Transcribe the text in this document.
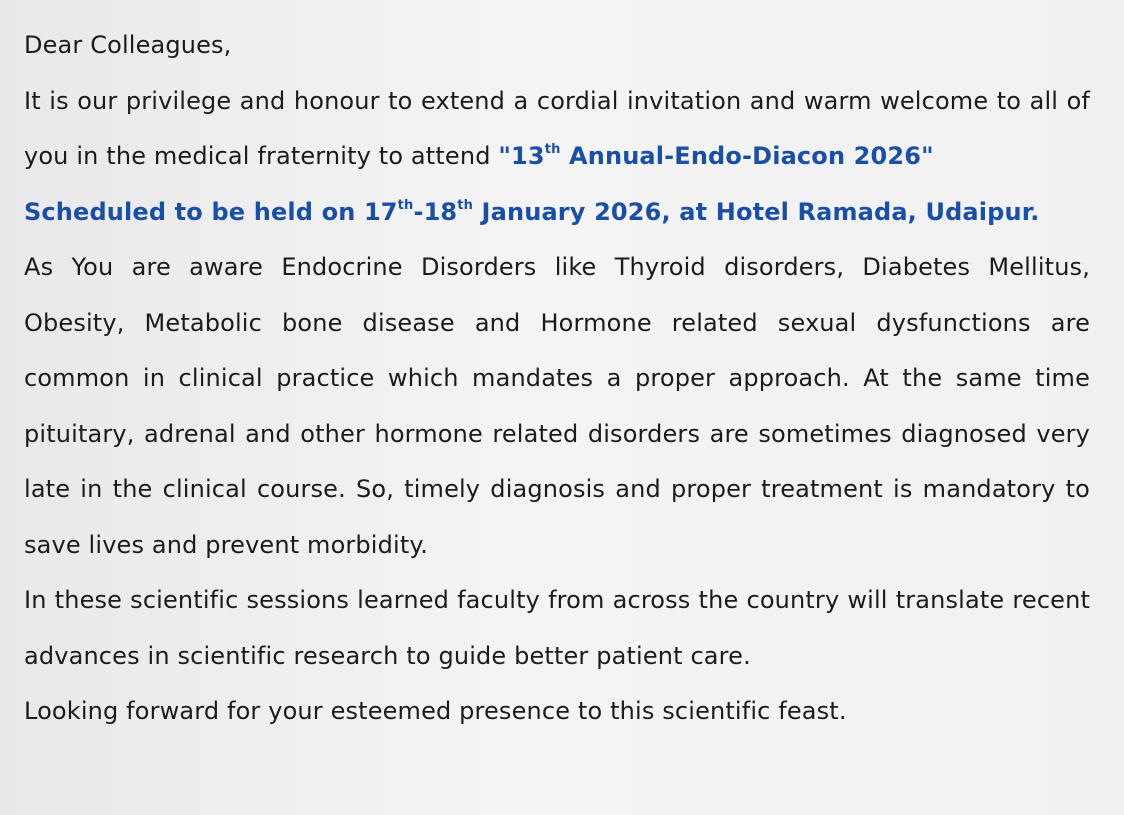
Dear Colleagues,

It is our privilege and honour to extend a cordial invitation and warm welcome to all of you in the medical fraternity to attend "13th Annual-Endo-Diacon 2026"
Scheduled to be held on 17th-18th January 2026, at Hotel Ramada, Udaipur.

As You are aware Endocrine Disorders like Thyroid disorders, Diabetes Mellitus, Obesity, Metabolic bone disease and Hormone related sexual dysfunctions are common in clinical practice which mandates a proper approach. At the same time pituitary, adrenal and other hormone related disorders are sometimes diagnosed very late in the clinical course. So, timely diagnosis and proper treatment is mandatory to save lives and prevent morbidity.

In these scientific sessions learned faculty from across the country will translate recent advances in scientific research to guide better patient care.

Looking forward for your esteemed presence to this scientific feast.
